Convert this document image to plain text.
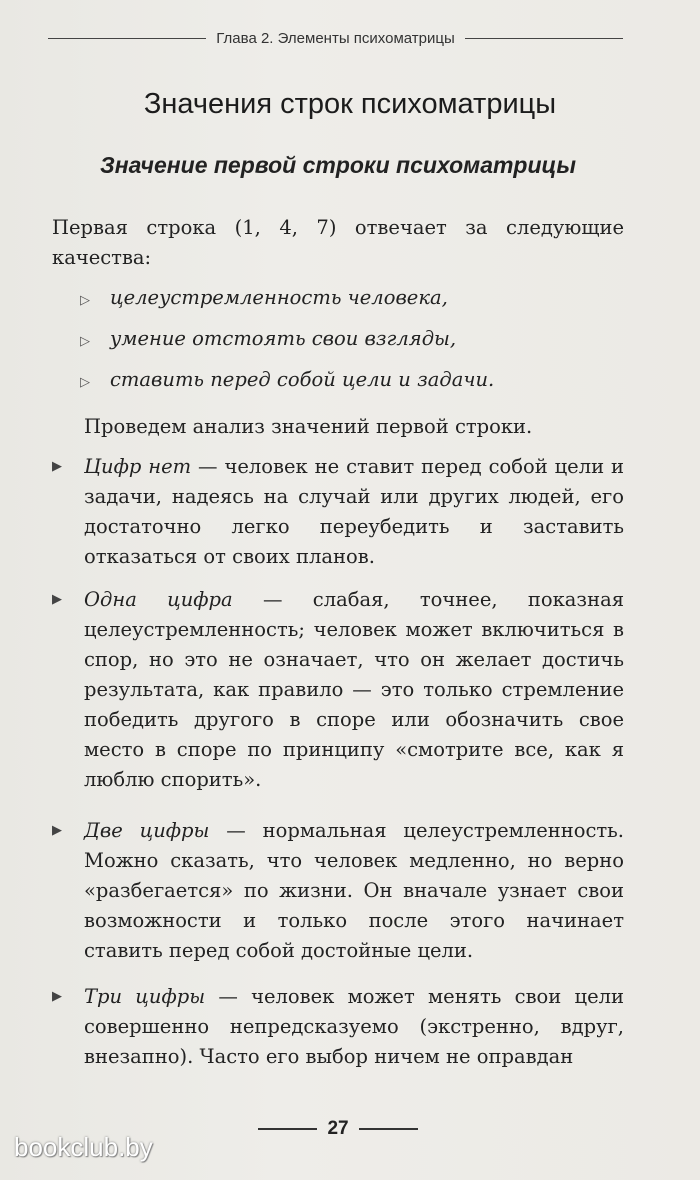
Глава 2. Элементы психоматрицы
Значения строк психоматрицы
Значение первой строки психоматрицы
Первая строка (1, 4, 7) отвечает за следующие качества:
▷	целеустремленность человека,
▷	умение отстоять свои взгляды,
▷	ставить перед собой цели и задачи.
Проведем анализ значений первой строки.
▶ Цифр нет — человек не ставит перед собой цели и задачи, надеясь на случай или других людей, его достаточно легко переубедить и заставить отказаться от своих планов.
▶ Одна цифра — слабая, точнее, показная целеустремленность; человек может включиться в спор, но это не означает, что он желает достичь результата, как правило — это только стремление победить другого в споре или обозначить свое место в споре по принципу «смотрите все, как я люблю спорить».
▶ Две цифры — нормальная целеустремленность. Можно сказать, что человек медленно, но верно «разбегается» по жизни. Он вначале узнает свои возможности и только после этого начинает ставить перед собой достойные цели.
▶ Три цифры — человек может менять свои цели совершенно непредсказуемо (экстренно, вдруг, внезапно). Часто его выбор ничем не оправдан
27
bookclub.by
